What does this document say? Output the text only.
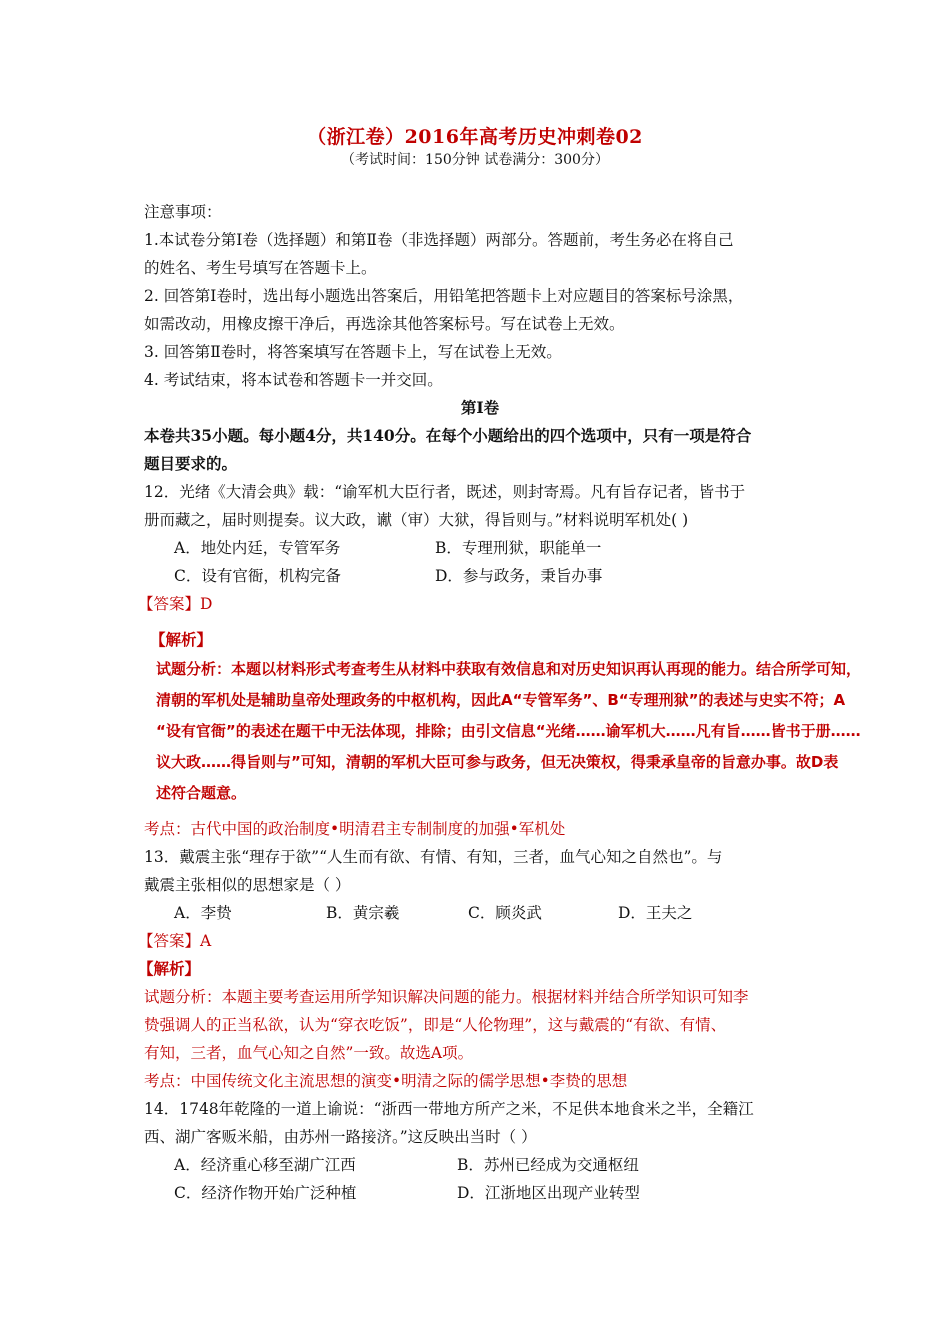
（浙江卷）2016年高考历史冲刺卷02
（考试时间：150分钟 试卷满分：300分）
注意事项：
1.本试卷分第Ⅰ卷（选择题）和第Ⅱ卷（非选择题）两部分。答题前，考生务必在将自己
的姓名、考生号填写在答题卡上。
2. 回答第Ⅰ卷时，选出每小题选出答案后，用铅笔把答题卡上对应题目的答案标号涂黑，
如需改动，用橡皮擦干净后，再选涂其他答案标号。写在试卷上无效。
3. 回答第Ⅱ卷时，将答案填写在答题卡上，写在试卷上无效。
4. 考试结束，将本试卷和答题卡一并交回。
第Ⅰ卷
本卷共35小题。每小题4分，共140分。在每个小题给出的四个选项中，只有一项是符合
题目要求的。
12．光绪《大清会典》载：“谕军机大臣行者，既述，则封寄焉。凡有旨存记者，皆书于
册而藏之，届时则提奏。议大政，谳（审）大狱，得旨则与。”材料说明军机处( )
A．地处内廷，专管军务	B．专理刑狱，职能单一
C．设有官衙，机构完备	D．参与政务，秉旨办事
【答案】D
【解析】
试题分析：本题以材料形式考查考生从材料中获取有效信息和对历史知识再认再现的能力。结合所学可知，
清朝的军机处是辅助皇帝处理政务的中枢机构，因此A“专管军务”、B“专理刑狱”的表述与史实不符；A
“设有官衙”的表述在题干中无法体现，排除；由引文信息“光绪……谕军机大……凡有旨……皆书于册……
议大政……得旨则与”可知，清朝的军机大臣可参与政务，但无决策权，得秉承皇帝的旨意办事。故D表
述符合题意。
考点：古代中国的政治制度•明清君主专制制度的加强•军机处
13．戴震主张“理存于欲”“人生而有欲、有情、有知，三者，血气心知之自然也”。与
戴震主张相似的思想家是（ ）
A．李贽	B．黄宗羲	C．顾炎武	D．王夫之
【答案】A
【解析】
试题分析：本题主要考查运用所学知识解决问题的能力。根据材料并结合所学知识可知李
贽强调人的正当私欲，认为“穿衣吃饭”，即是“人伦物理”，这与戴震的“有欲、有情、
有知，三者，血气心知之自然”一致。故选A项。
考点：中国传统文化主流思想的演变•明清之际的儒学思想•李贽的思想
14．1748年乾隆的一道上谕说：“浙西一带地方所产之米，不足供本地食米之半，全籍江
西、湖广客贩米船，由苏州一路接济。”这反映出当时（ ）
A．经济重心移至湖广江西	B．苏州已经成为交通枢纽
C．经济作物开始广泛种植	D．江浙地区出现产业转型
